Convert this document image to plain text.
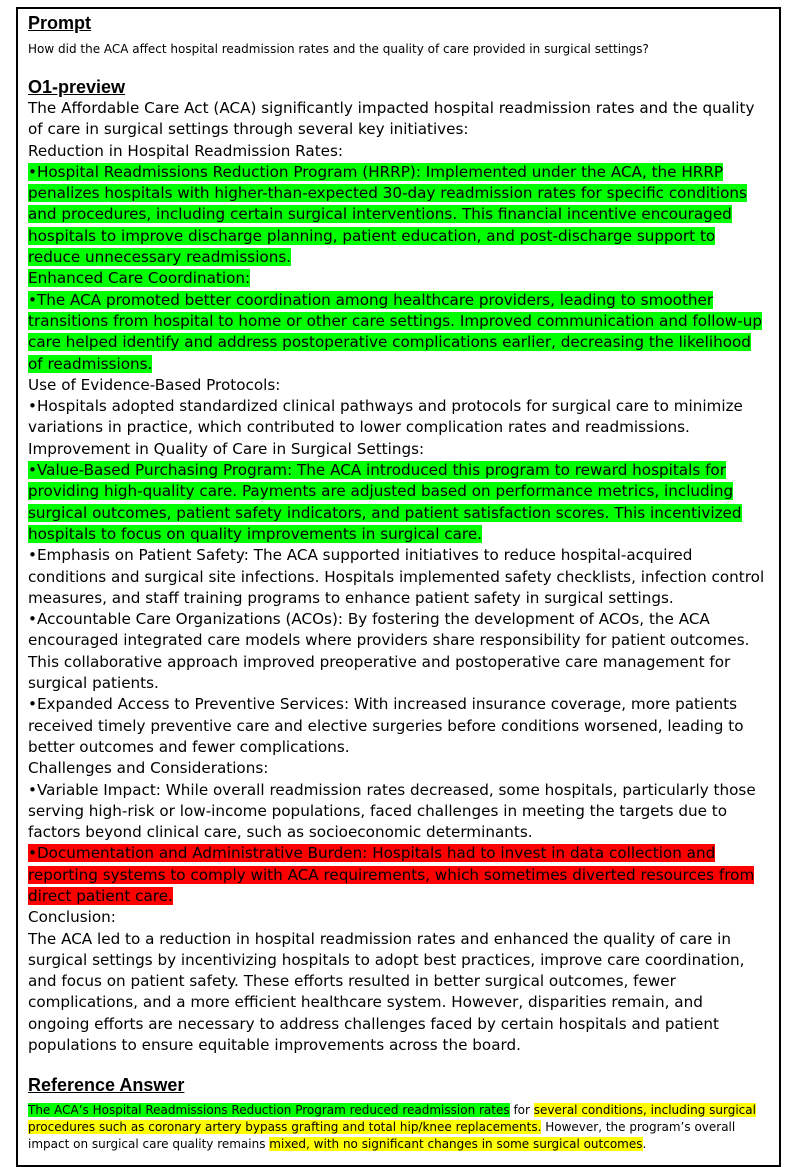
Prompt
How did the ACA affect hospital readmission rates and the quality of care provided in surgical settings?
O1-preview
The Affordable Care Act (ACA) significantly impacted hospital readmission rates and the quality of care in surgical settings through several key initiatives:
Reduction in Hospital Readmission Rates:
•Hospital Readmissions Reduction Program (HRRP): Implemented under the ACA, the HRRP penalizes hospitals with higher-than-expected 30-day readmission rates for specific conditions and procedures, including certain surgical interventions. This financial incentive encouraged hospitals to improve discharge planning, patient education, and post-discharge support to reduce unnecessary readmissions.
Enhanced Care Coordination:
•The ACA promoted better coordination among healthcare providers, leading to smoother transitions from hospital to home or other care settings. Improved communication and follow-up care helped identify and address postoperative complications earlier, decreasing the likelihood of readmissions.
Use of Evidence-Based Protocols:
•Hospitals adopted standardized clinical pathways and protocols for surgical care to minimize variations in practice, which contributed to lower complication rates and readmissions.
Improvement in Quality of Care in Surgical Settings:
•Value-Based Purchasing Program: The ACA introduced this program to reward hospitals for providing high-quality care. Payments are adjusted based on performance metrics, including surgical outcomes, patient safety indicators, and patient satisfaction scores. This incentivized hospitals to focus on quality improvements in surgical care.
•Emphasis on Patient Safety: The ACA supported initiatives to reduce hospital-acquired conditions and surgical site infections. Hospitals implemented safety checklists, infection control measures, and staff training programs to enhance patient safety in surgical settings.
•Accountable Care Organizations (ACOs): By fostering the development of ACOs, the ACA encouraged integrated care models where providers share responsibility for patient outcomes. This collaborative approach improved preoperative and postoperative care management for surgical patients.
•Expanded Access to Preventive Services: With increased insurance coverage, more patients received timely preventive care and elective surgeries before conditions worsened, leading to better outcomes and fewer complications.
Challenges and Considerations:
•Variable Impact: While overall readmission rates decreased, some hospitals, particularly those serving high-risk or low-income populations, faced challenges in meeting the targets due to factors beyond clinical care, such as socioeconomic determinants.
•Documentation and Administrative Burden: Hospitals had to invest in data collection and reporting systems to comply with ACA requirements, which sometimes diverted resources from direct patient care.
Conclusion:
The ACA led to a reduction in hospital readmission rates and enhanced the quality of care in surgical settings by incentivizing hospitals to adopt best practices, improve care coordination, and focus on patient safety. These efforts resulted in better surgical outcomes, fewer complications, and a more efficient healthcare system. However, disparities remain, and ongoing efforts are necessary to address challenges faced by certain hospitals and patient populations to ensure equitable improvements across the board.
Reference Answer
The ACA’s Hospital Readmissions Reduction Program reduced readmission rates for several conditions, including surgical procedures such as coronary artery bypass grafting and total hip/knee replacements. However, the program’s overall impact on surgical care quality remains mixed, with no significant changes in some surgical outcomes.
